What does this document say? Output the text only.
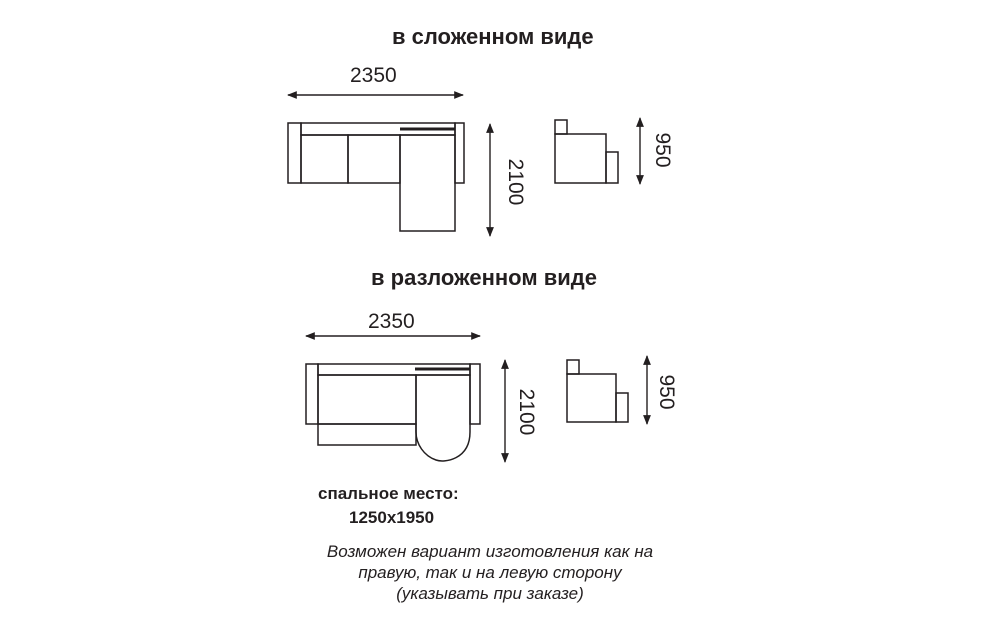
в сложенном виде
в разложенном виде
2350
2100
950
2350
2100	950
спальное место:
1250x1950
Возможен вариант изготовления как на
правую, так и на левую сторону
(указывать при заказе)
